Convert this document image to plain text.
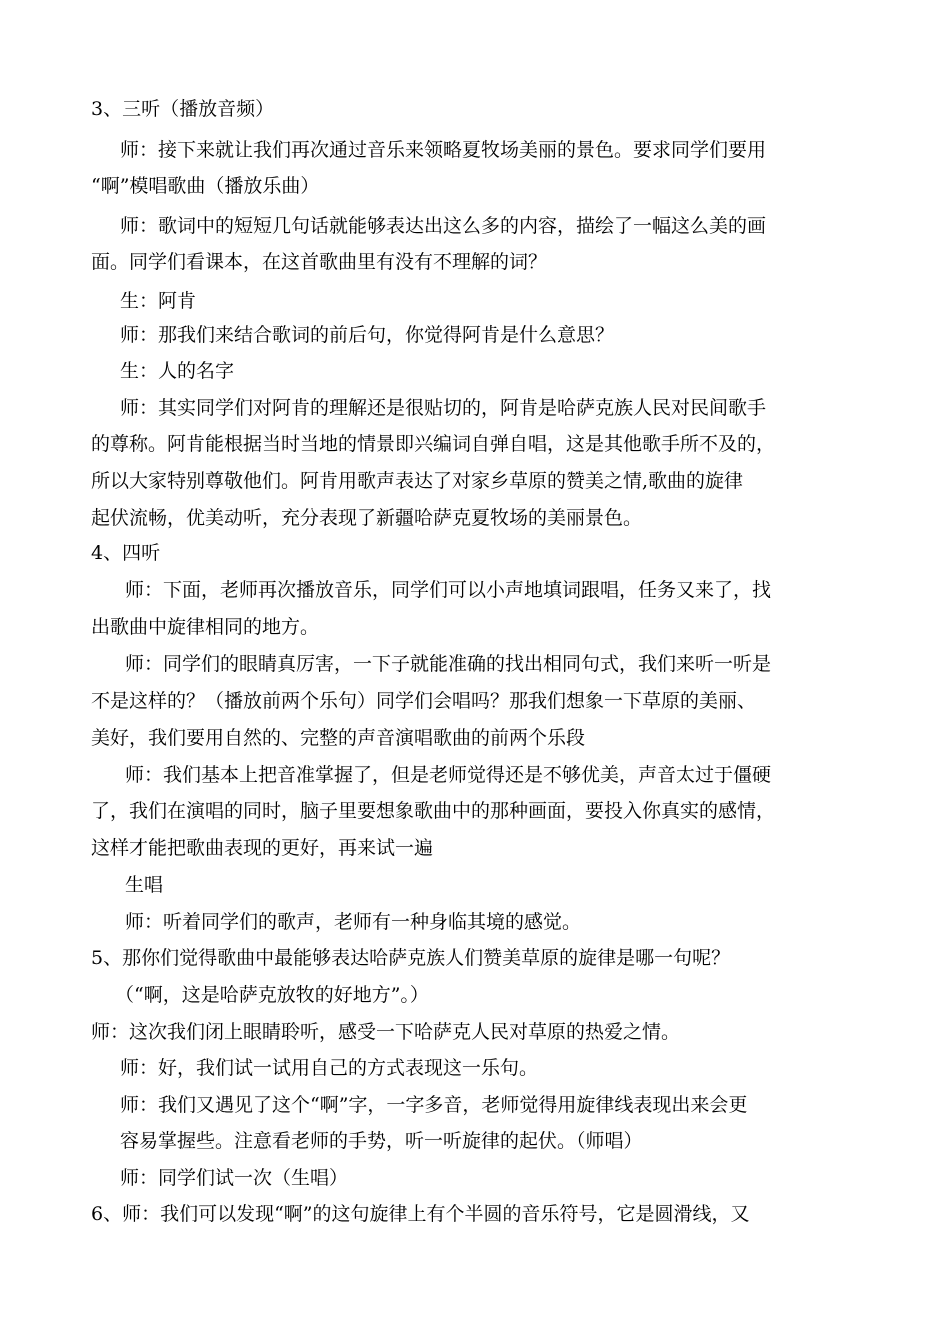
3、三听（播放音频）
师：接下来就让我们再次通过音乐来领略夏牧场美丽的景色。要求同学们要用
“啊”模唱歌曲（播放乐曲）
师：歌词中的短短几句话就能够表达出这么多的内容，描绘了一幅这么美的画
面。同学们看课本，在这首歌曲里有没有不理解的词？
生：阿肯
师：那我们来结合歌词的前后句，你觉得阿肯是什么意思？
生：人的名字
师：其实同学们对阿肯的理解还是很贴切的，阿肯是哈萨克族人民对民间歌手
的尊称。阿肯能根据当时当地的情景即兴编词自弹自唱，这是其他歌手所不及的，
所以大家特别尊敬他们。阿肯用歌声表达了对家乡草原的赞美之情,歌曲的旋律
起伏流畅，优美动听，充分表现了新疆哈萨克夏牧场的美丽景色。
4、四听
师：下面，老师再次播放音乐，同学们可以小声地填词跟唱，任务又来了，找
出歌曲中旋律相同的地方。
师：同学们的眼睛真厉害，一下子就能准确的找出相同句式，我们来听一听是
不是这样的？（播放前两个乐句）同学们会唱吗？那我们想象一下草原的美丽、
美好，我们要用自然的、完整的声音演唱歌曲的前两个乐段
师：我们基本上把音准掌握了，但是老师觉得还是不够优美，声音太过于僵硬
了，我们在演唱的同时，脑子里要想象歌曲中的那种画面，要投入你真实的感情，
这样才能把歌曲表现的更好，再来试一遍
生唱
师：听着同学们的歌声，老师有一种身临其境的感觉。
5、那你们觉得歌曲中最能够表达哈萨克族人们赞美草原的旋律是哪一句呢？
（“啊，这是哈萨克放牧的好地方”。）
师：这次我们闭上眼睛聆听，感受一下哈萨克人民对草原的热爱之情。
师：好，我们试一试用自己的方式表现这一乐句。
师：我们又遇见了这个“啊”字，一字多音，老师觉得用旋律线表现出来会更
容易掌握些。注意看老师的手势，听一听旋律的起伏。（师唱）
师：同学们试一次（生唱）
6、师：我们可以发现“啊”的这句旋律上有个半圆的音乐符号，它是圆滑线，又
